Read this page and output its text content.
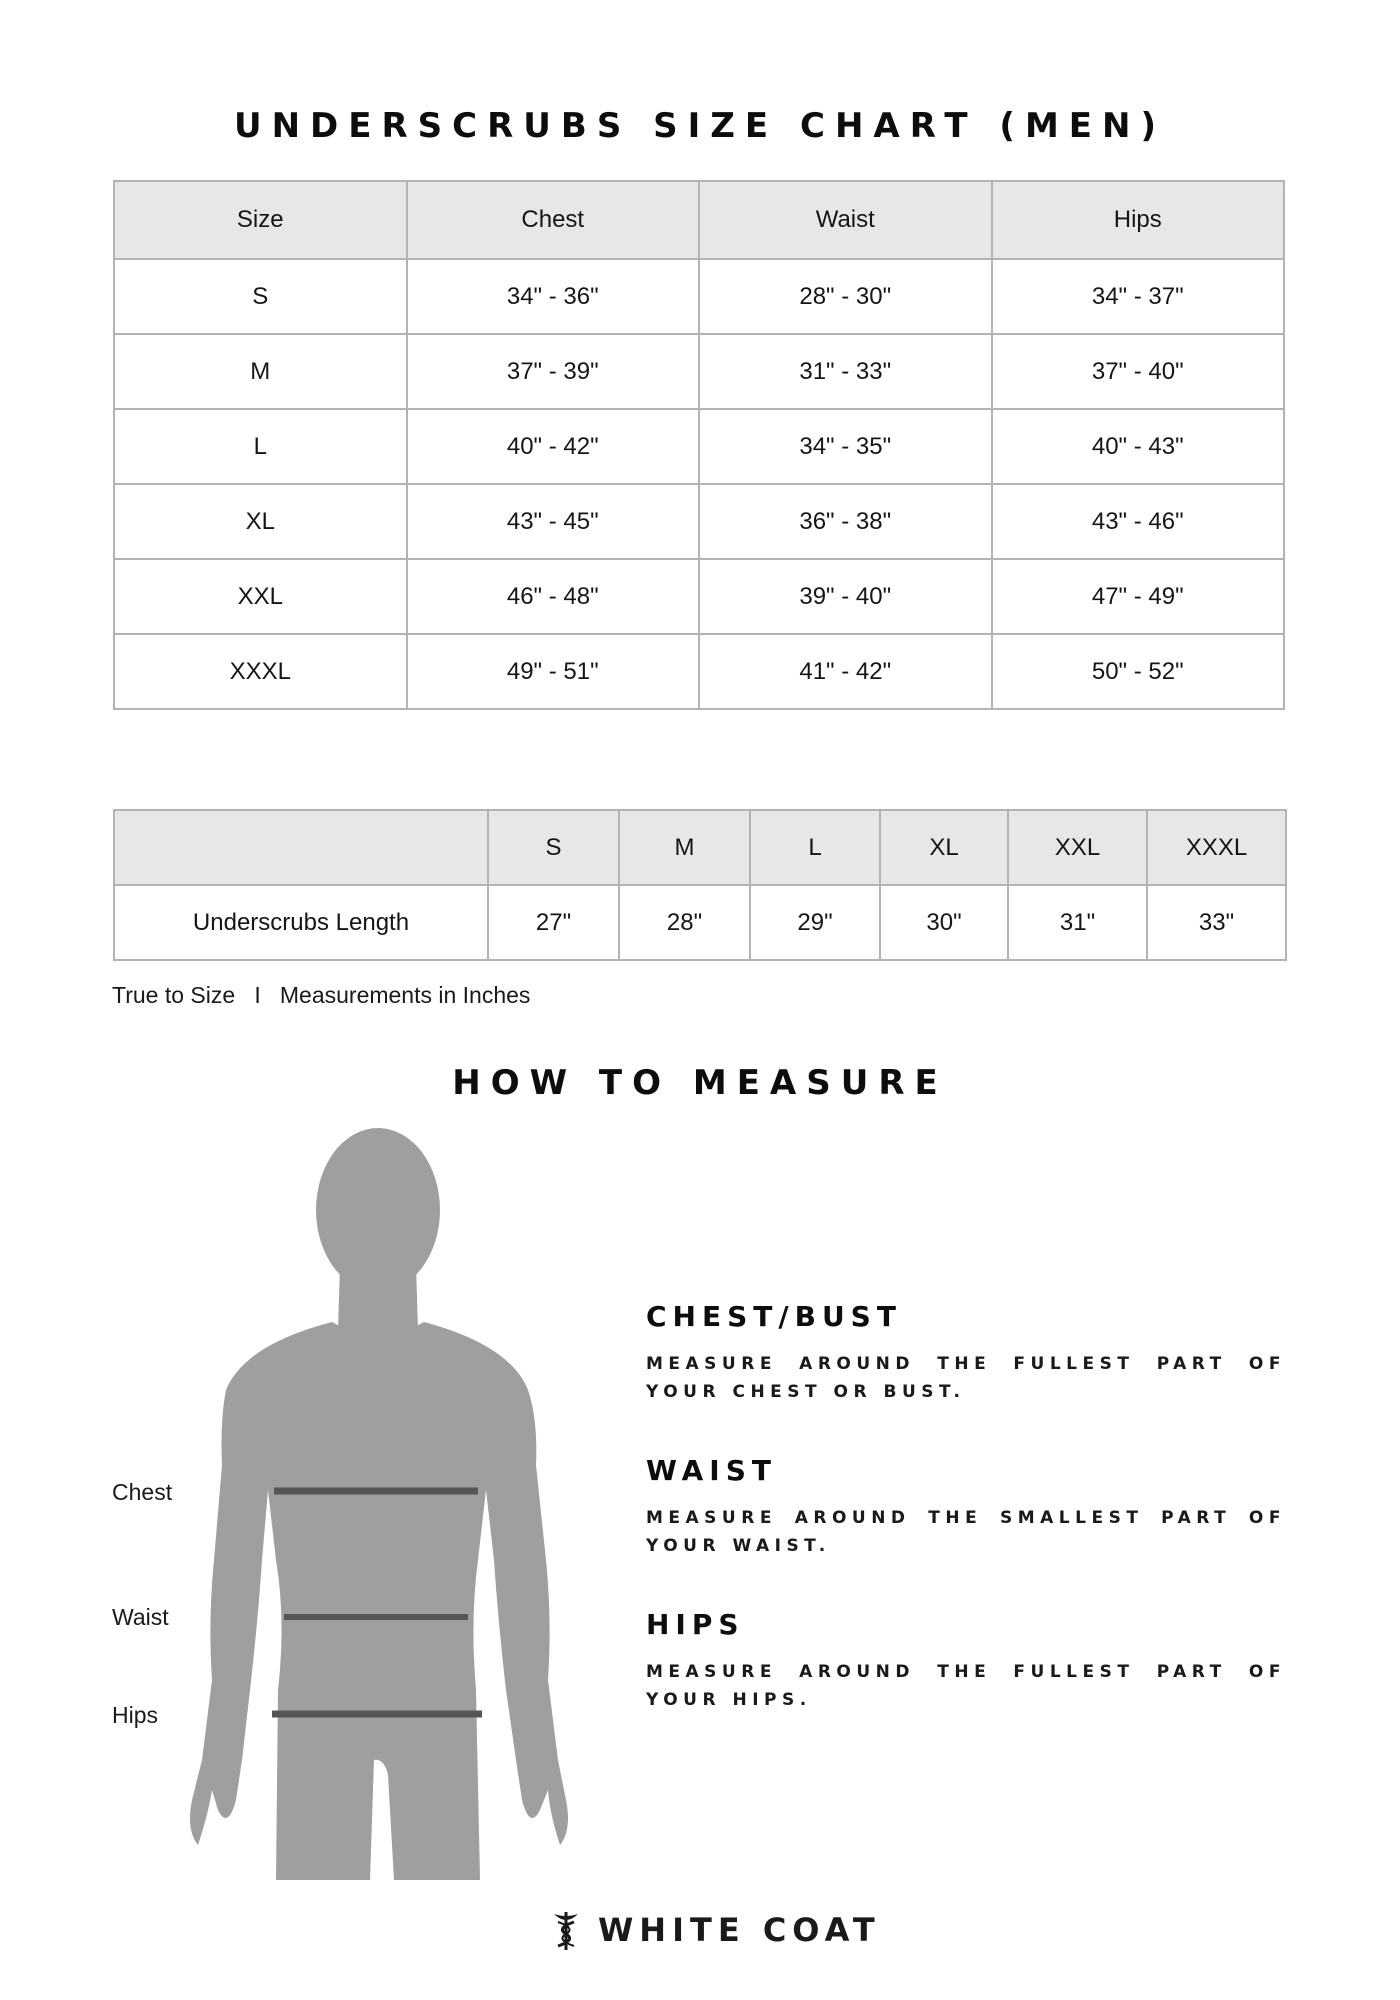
UNDERSCRUBS SIZE CHART (MEN)
Size	Chest	Waist	Hips
S	34" - 36"	28" - 30"	34" - 37"
M	37" - 39"	31" - 33"	37" - 40"
L	40" - 42"	34" - 35"	40" - 43"
XL	43" - 45"	36" - 38"	43" - 46"
XXL	46" - 48"	39" - 40"	47" - 49"
XXXL	49" - 51"	41" - 42"	50" - 52"
	S	M	L	XL	XXL	XXXL
Underscrubs Length	27"	28"	29"	30"	31"	33"
True to Size   I   Measurements in Inches
HOW TO MEASURE
Chest
Waist
Hips
CHEST/BUST
MEASURE AROUND THE FULLEST PART OF YOUR CHEST OR BUST.
WAIST
MEASURE AROUND THE SMALLEST PART OF YOUR WAIST.
HIPS
MEASURE AROUND THE FULLEST PART OF YOUR HIPS.
WHITE COAT
